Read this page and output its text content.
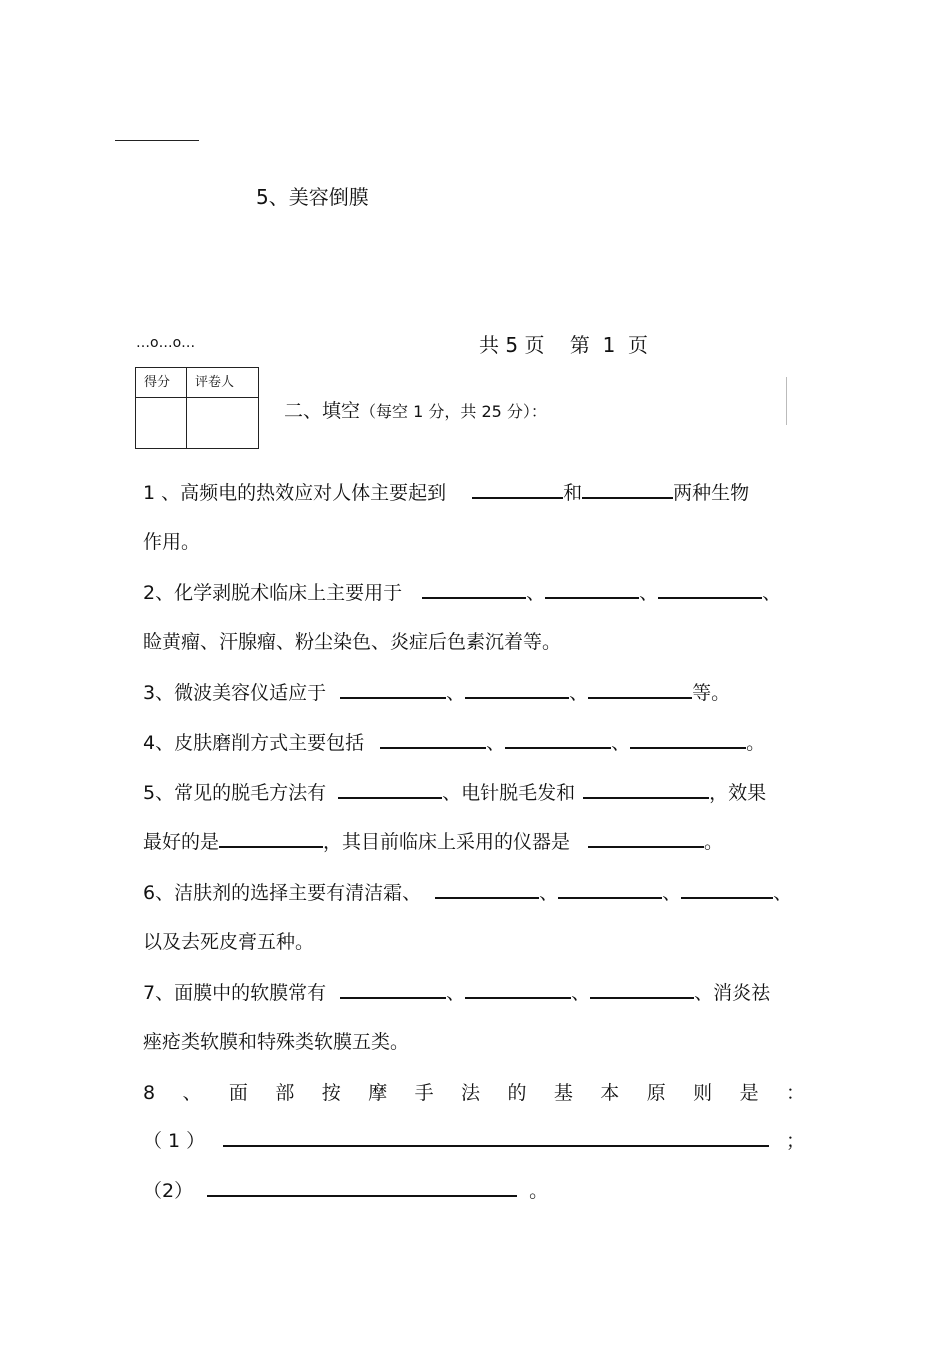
5、美容倒膜
…o…o…	共 5 页    第  1  页
得分 评卷人
二、填空（每空 1 分，共 25 分）：
1 、高频电的热效应对人体主要起到	和	两种生物
作用。
2、化学剥脱术临床上主要用于	、	、	、
睑黄瘤、汗腺瘤、粉尘染色、炎症后色素沉着等。
3、微波美容仪适应于	、	、	等。
4、皮肤磨削方式主要包括	、	、	。
5、常见的脱毛方法有	、电针脱毛发和	，效果
最好的是	，其目前临床上采用的仪器是	。
6、洁肤剂的选择主要有清洁霜、	、	、	、
以及去死皮膏五种。
7、面膜中的软膜常有	、	、	、消炎祛
痤疮类软膜和特殊类软膜五类。
8 、 面 部 按 摩 手 法 的 基 本 原 则 是 ：
（ 1 ）	；
（2）	。
